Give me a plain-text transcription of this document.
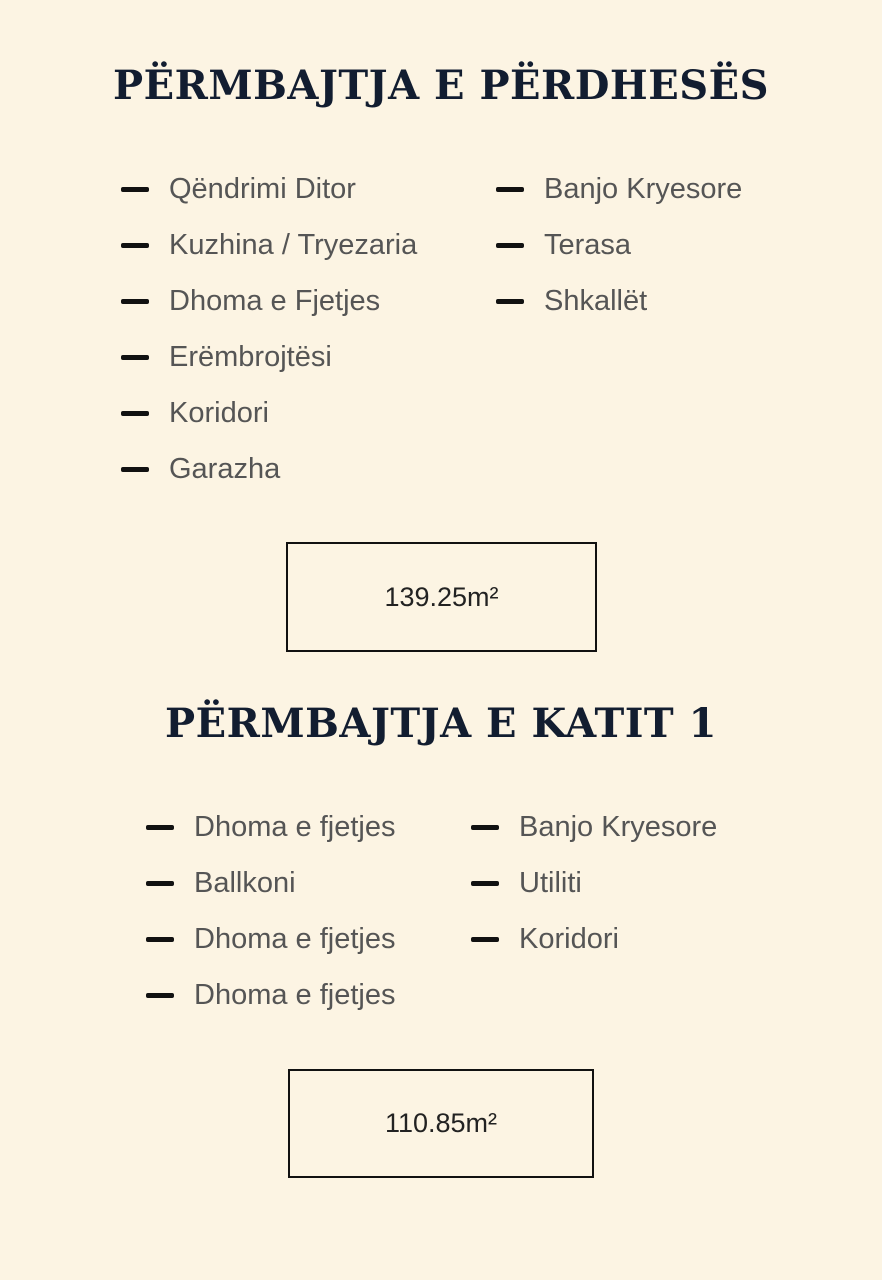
PËRMBAJTJA E PËRDHESËS
Qëndrimi Ditor
Kuzhina / Tryezaria
Dhoma e Fjetjes
Erëmbrojtësi
Koridori
Garazha
Banjo Kryesore
Terasa
Shkallët
139.25m²
PËRMBAJTJA E KATIT 1
Dhoma e fjetjes
Ballkoni
Dhoma e fjetjes
Dhoma e fjetjes
Banjo Kryesore
Utiliti
Koridori
110.85m²
